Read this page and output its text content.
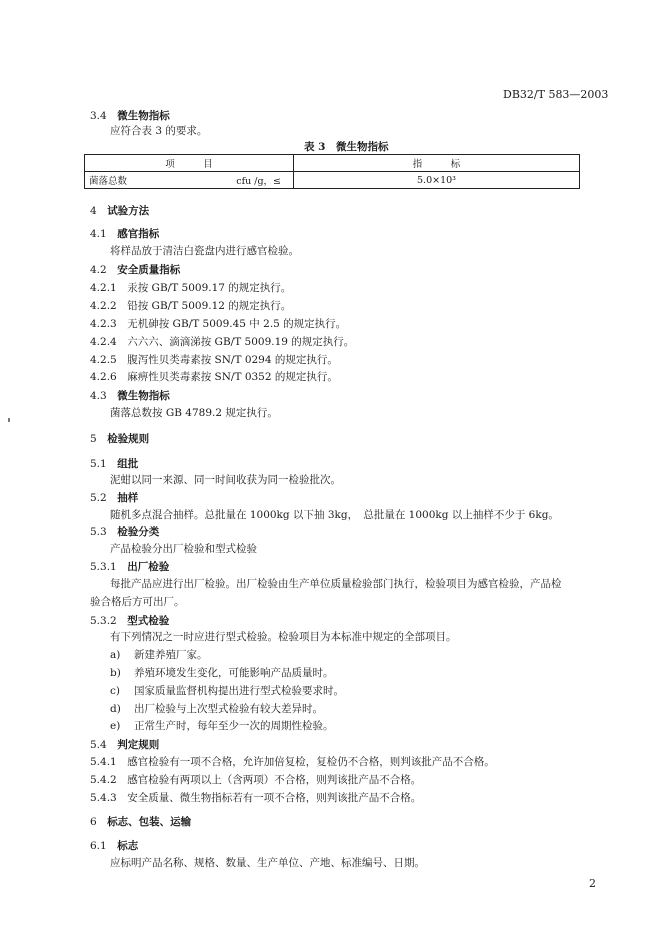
DB32/T 583—2003
3.4　 微生物指标
应符合表 3 的要求。
表 3　微生物指标
项　　　目	指　　　标
菌落总数 cfu /g，≤	5.0×10³
4　 试验方法
4.1　 感官指标
将样品放于清洁白瓷盘内进行感官检验。
4.2　 安全质量指标
4.2.1　 汞按 GB/T 5009.17 的规定执行。
4.2.2　 铅按 GB/T 5009.12 的规定执行。
4.2.3　 无机砷按 GB/T 5009.45 中 2.5 的规定执行。
4.2.4　 六六六、滴滴涕按 GB/T 5009.19 的规定执行。
4.2.5　 腹泻性贝类毒素按 SN/T 0294 的规定执行。
4.2.6　 麻痹性贝类毒素按 SN/T 0352 的规定执行。
4.3　 微生物指标
菌落总数按 GB 4789.2 规定执行。
5　 检验规则
5.1　 组批
泥蚶以同一来源、同一时间收获为同一检验批次。
5.2　 抽样
随机多点混合抽样。总批量在 1000kg 以下抽 3kg，　总批量在 1000kg 以上抽样不少于 6kg。
5.3　 检验分类
产品检验分出厂检验和型式检验
5.3.1　 出厂检验
每批产品应进行出厂检验。出厂检验由生产单位质量检验部门执行，检验项目为感官检验，产品检
验合格后方可出厂。
5.3.2　 型式检验
有下列情况之一时应进行型式检验。检验项目为本标准中规定的全部项目。
a) 新建养殖厂家。
b) 养殖环境发生变化，可能影响产品质量时。
c) 国家质量监督机构提出进行型式检验要求时。
d) 出厂检验与上次型式检验有较大差异时。
e) 正常生产时，每年至少一次的周期性检验。
5.4　 判定规则
5.4.1　 感官检验有一项不合格，允许加倍复检，复检仍不合格，则判该批产品不合格。
5.4.2　 感官检验有两项以上（含两项）不合格，则判该批产品不合格。
5.4.3　 安全质量、微生物指标若有一项不合格，则判该批产品不合格。
6　 标志、包装、运输
6.1　 标志
应标明产品名称、规格、数量、生产单位、产地、标准编号、日期。
2
